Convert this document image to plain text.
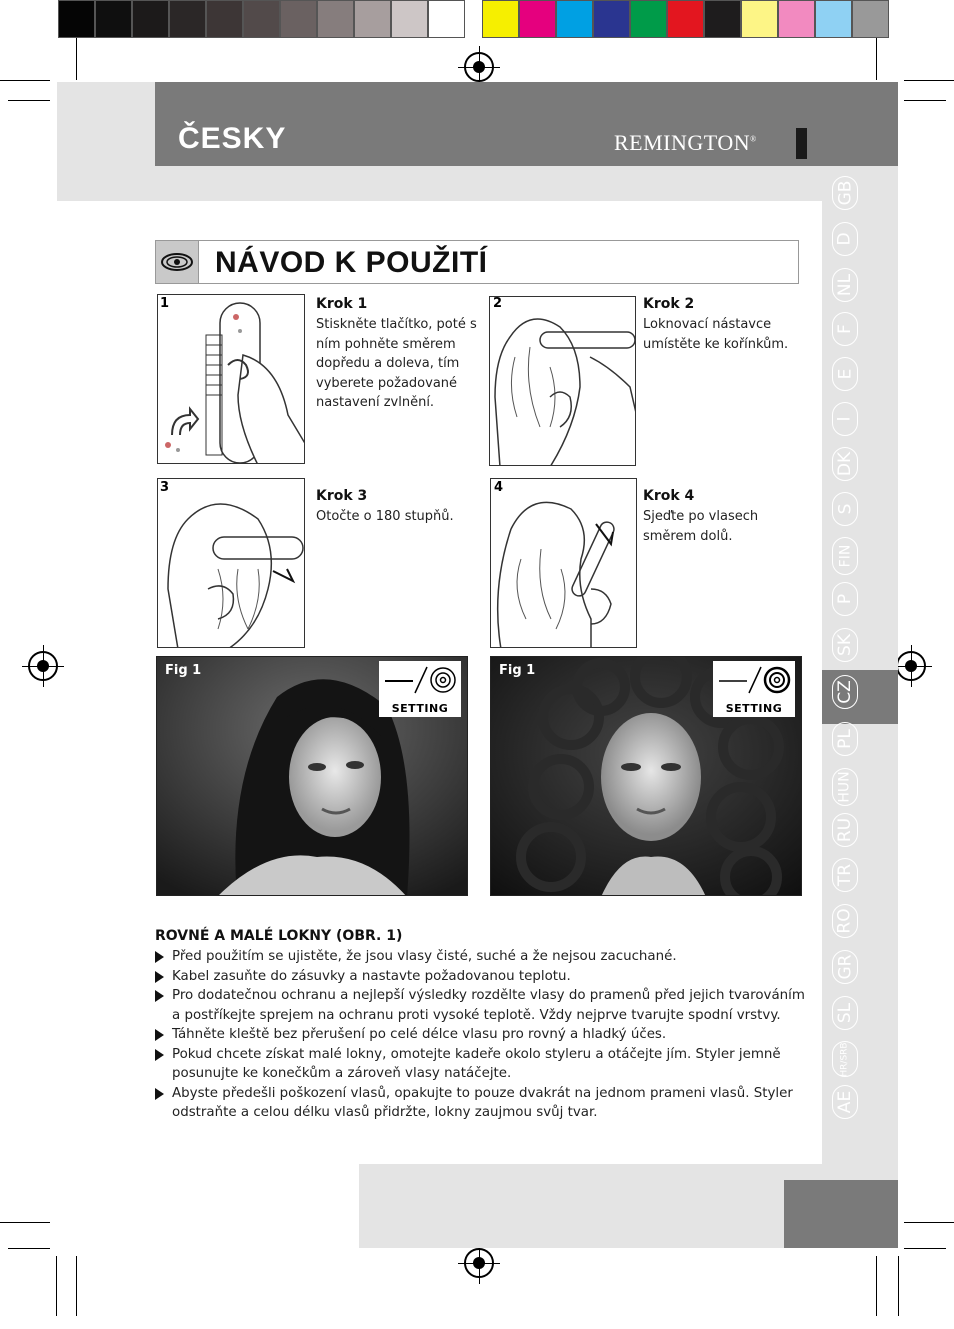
ČESKY	REMINGTON®
GB
D
NL
F
E
I
DK
S
FIN
P
SK
CZ
PL
HUN
RU
TR
RO
GR
SL
HR/SRB
AE
NÁVOD K POUŽITÍ
1	Krok 1
Stiskněte tlačítko, poté s ním pohněte směrem dopředu a doleva, tím vyberete požadované nastavení zvlnění.
2	Krok 2
Loknovací nástavce umístěte ke kořínkům.
3
Krok 3
Otočte o 180 stupňů.
4
Krok 4
Sjeďte po vlasech směrem dolů.
Fig 1
SETTING
Fig 1
SETTING
ROVNÉ A MALÉ LOKNY (OBR. 1)
Před použitím se ujistěte, že jsou vlasy čisté, suché a že nejsou zacuchané.
Kabel zasuňte do zásuvky a nastavte požadovanou teplotu.
Pro dodatečnou ochranu a nejlepší výsledky rozdělte vlasy do pramenů před jejich tvarováním a postříkejte sprejem na ochranu proti vysoké teplotě. Vždy nejprve tvarujte spodní vrstvy.
Táhněte kleště bez přerušení po celé délce vlasu pro rovný a hladký účes.
Pokud chcete získat malé lokny, omotejte kadeře okolo styleru a otáčejte jím. Styler jemně posunujte ke konečkům a zároveň vlasy natáčejte.
Abyste předešli poškození vlasů, opakujte to pouze dvakrát na jednom prameni vlasů. Styler odstraňte a celou délku vlasů přidržte, lokny zaujmou svůj tvar.
